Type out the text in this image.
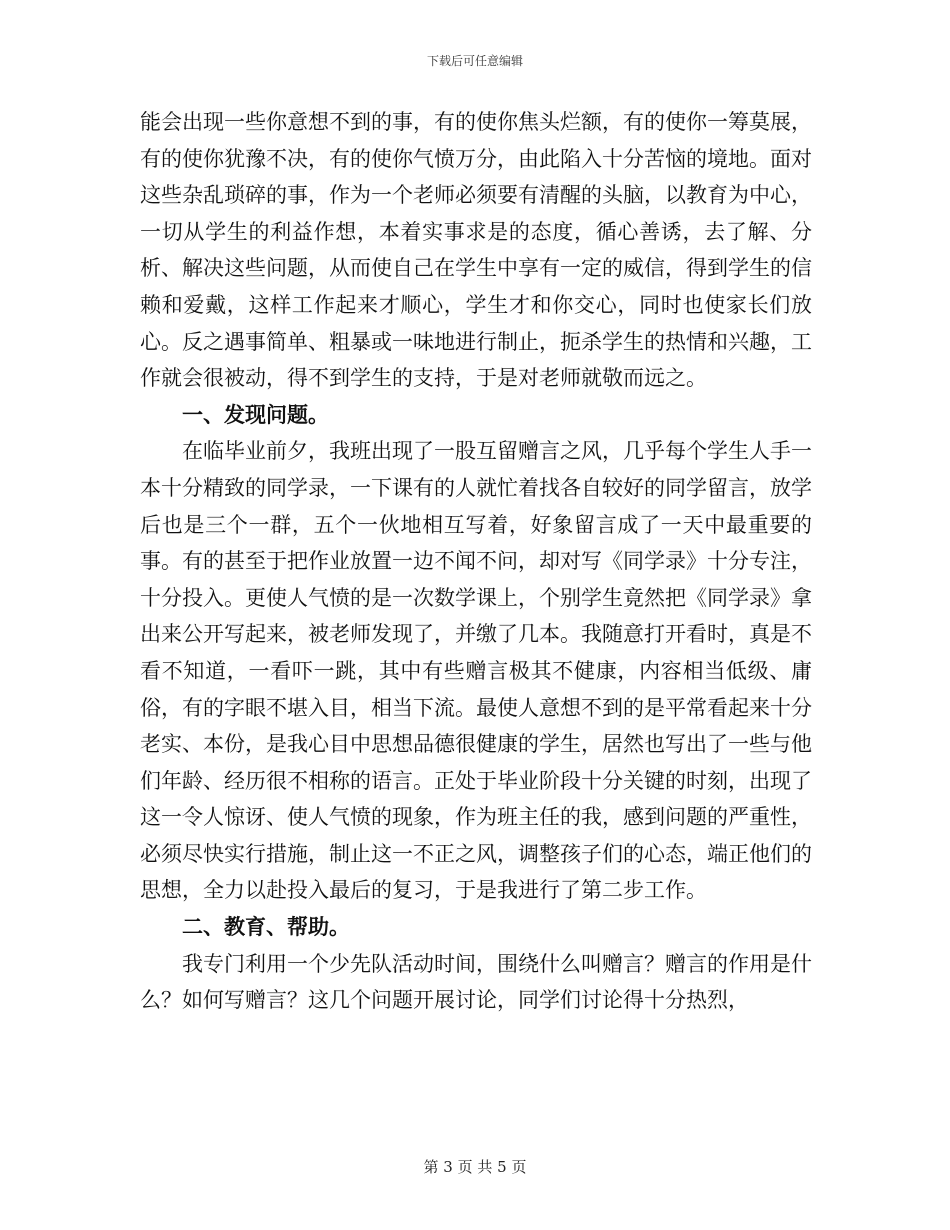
下载后可任意编辑

能会出现一些你意想不到的事，有的使你焦头烂额，有的使你一筹莫展，有的使你犹豫不决，有的使你气愤万分，由此陷入十分苦恼的境地。面对这些杂乱琐碎的事，作为一个老师必须要有清醒的头脑，以教育为中心，一切从学生的利益作想，本着实事求是的态度，循心善诱，去了解、分析、解决这些问题，从而使自己在学生中享有一定的威信，得到学生的信赖和爱戴，这样工作起来才顺心，学生才和你交心，同时也使家长们放心。反之遇事简单、粗暴或一味地进行制止，扼杀学生的热情和兴趣，工作就会很被动，得不到学生的支持，于是对老师就敬而远之。

一、发现问题。

在临毕业前夕，我班出现了一股互留赠言之风，几乎每个学生人手一本十分精致的同学录，一下课有的人就忙着找各自较好的同学留言，放学后也是三个一群，五个一伙地相互写着，好象留言成了一天中最重要的事。有的甚至于把作业放置一边不闻不问，却对写《同学录》十分专注，十分投入。更使人气愤的是一次数学课上，个别学生竟然把《同学录》拿出来公开写起来，被老师发现了，并缴了几本。我随意打开看时，真是不看不知道，一看吓一跳，其中有些赠言极其不健康，内容相当低级、庸俗，有的字眼不堪入目，相当下流。最使人意想不到的是平常看起来十分老实、本份，是我心目中思想品德很健康的学生，居然也写出了一些与他们年龄、经历很不相称的语言。正处于毕业阶段十分关键的时刻，出现了这一令人惊讶、使人气愤的现象，作为班主任的我，感到问题的严重性，必须尽快实行措施，制止这一不正之风，调整孩子们的心态，端正他们的思想，全力以赴投入最后的复习，于是我进行了第二步工作。

二、教育、帮助。

我专门利用一个少先队活动时间，围绕什么叫赠言？赠言的作用是什么？如何写赠言？这几个问题开展讨论，同学们讨论得十分热烈，

第 3 页 共 5 页
